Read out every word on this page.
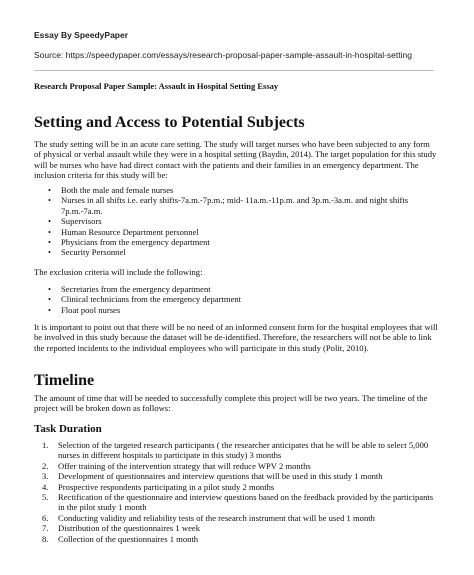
Essay By SpeedyPaper
Source: https://speedypaper.com/essays/research-proposal-paper-sample-assault-in-hospital-setting
Research Proposal Paper Sample: Assault in Hospital Setting Essay
Setting and Access to Potential Subjects

The study setting will be in an acute care setting. The study will target nurses who have been subjected to any form of physical or verbal assault while they were in a hospital setting (Baydin, 2014). The target population for this study will be nurses who have had direct contact with the patients and their families in an emergency department. The inclusion criteria for this study will be:

• Both the male and female nurses
• Nurses in all shifts i.e. early shifts-7a.m.-7p.m.; mid- 11a.m.-11p.m. and 3p.m.-3a.m. and night shifts 7p.m.-7a.m.
• Supervisors
• Human Resource Department personnel
• Physicians from the emergency department
• Security Personnel

The exclusion criteria will include the following:

• Secretaries from the emergency department
• Clinical technicians from the emergency department
• Float pool nurses

It is important to point out that there will be no need of an informed consent form for the hospital employees that will be involved in this study because the dataset will be de-identified. Therefore, the researchers will not be able to link the reported incidents to the individual employees who will participate in this study (Polit, 2010).

Timeline

The amount of time that will be needed to successfully complete this project will be two years. The timeline of the project will be broken down as follows:

Task Duration
1. Selection of the targeted research participants ( the researcher anticipates that he will be able to select 5,000 nurses in different hospitals to participate in this study) 3 months
2. Offer training of the intervention strategy that will reduce WPV 2 months
3. Development of questionnaires and interview questions that will be used in this study 1 month
4. Prospective respondents participating in a pilot study 2 months
5. Rectification of the questionnaire and interview questions based on the feedback provided by the participants in the pilot study 1 month
6. Conducting validity and reliability tests of the research instrument that will be used 1 month
7. Distribution of the questionnaires 1 week
8. Collection of the questionnaires 1 month
